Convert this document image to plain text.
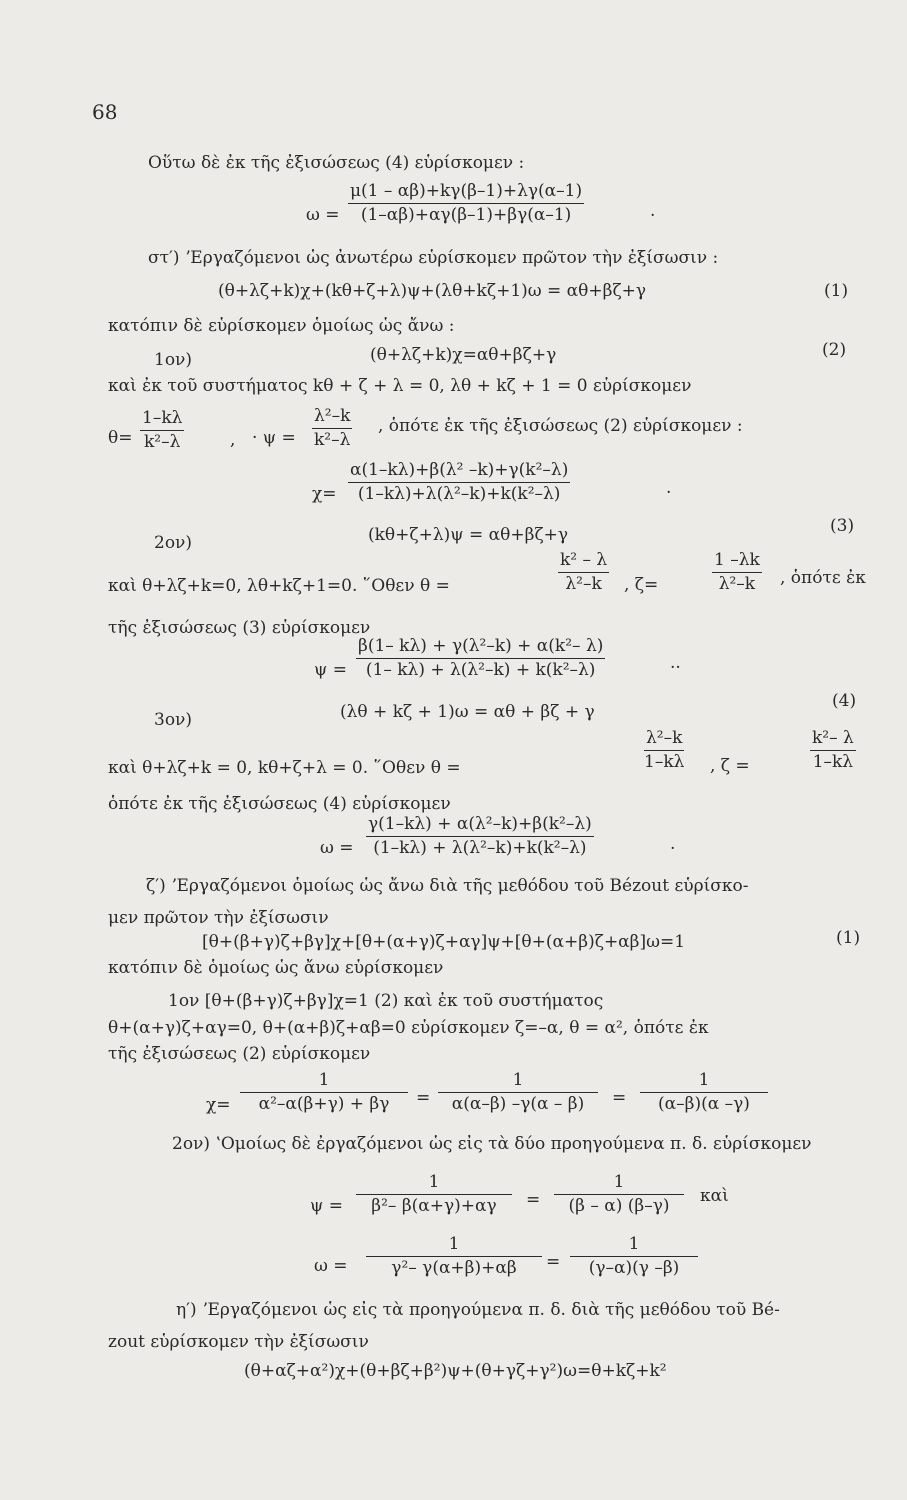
68
Οὕτω δὲ ἐκ τῆς ἐξισώσεως (4) εὑρίσκομεν :
$\omega = \frac{\mu(1 - \alpha\beta)+k\gamma(\beta-1)+\lambda\gamma(\alpha-1)}{(1-\alpha\beta)+\alpha\gamma(\beta-1)+\beta\gamma(\alpha-1)}$	.
στ′) ʼΕργαζόμενοι ὡς ἀνωτέρω εὑρίσκομεν πρῶτον τὴν ἐξίσωσιν :
(θ+λζ+k)χ+(kθ+ζ+λ)ψ+(λθ+kζ+1)ω = αθ+βζ+γ	(1)
κατόπιν δὲ εὑρίσκομεν ὁμοίως ὡς ἄνω :
1ον)	(θ+λζ+k)χ=αθ+βζ+γ	(2)
καὶ ἐκ τοῦ συστήματος kθ + ζ + λ = 0, λθ + kζ + 1 = 0 εὑρίσκομεν
$\theta= \frac{1-k\lambda}{\text{k²–λ}}$	, · $\psi = \frac{\text{λ²–k}}{\text{k²–λ}}$ , ὁπότε ἐκ τῆς ἐξισώσεως (2) εὑρίσκομεν :
$\chi= \frac{\text{α(1–kλ)+β(λ² –k)+γ(k²–λ)}}{\text{(1–kλ)+λ(λ²–k)+k(k²–λ)}}$	.
2ον)	(kθ+ζ+λ)ψ = αθ+βζ+γ	(3)
καὶ θ+λζ+k=0, λθ+kζ+1=0. ῞Οθεν θ =	$\frac{\text{k² – λ}}{\text{λ²–k}}$ , ζ=	$\frac{1 -\lambda k}{\text{λ²–k}}$ , ὁπότε ἐκ
τῆς ἐξισώσεως (3) εὑρίσκομεν
$\psi = \frac{\text{β(1– kλ) + γ(λ²–k) + α(k²– λ)}}{\text{(1– kλ) + λ(λ²–k) + k(k²–λ)}}$	..
3ον)	(λθ + kζ + 1)ω = αθ + βζ + γ
(4)
καὶ θ+λζ+k = 0, kθ+ζ+λ = 0. ῞Οθεν θ =	$\frac{\text{λ²–k}}{1-k\lambda}$ , ζ =	$\frac{\text{k²– λ}}{1-k\lambda}$
ὁπότε ἐκ τῆς ἐξισώσεως (4) εὑρίσκομεν
$\omega = \frac{\text{γ(1–kλ) + α(λ²–k)+β(k²–λ)}}{\text{(1–kλ) + λ(λ²–k)+k(k²–λ)}}$	.
ζ′) ʼΕργαζόμενοι ὁμοίως ὡς ἄνω διὰ τῆς μεθόδου τοῦ Bézout εὑρίσκο-
μεν πρῶτον τὴν ἐξίσωσιν
[θ+(β+γ)ζ+βγ]χ+[θ+(α+γ)ζ+αγ]ψ+[θ+(α+β)ζ+αβ]ω=1	(1)
κατόπιν δὲ ὁμοίως ὡς ἄνω εὑρίσκομεν
1ον [θ+(β+γ)ζ+βγ]χ=1 (2) καὶ ἐκ τοῦ συστήματος
θ+(α+γ)ζ+αγ=0, θ+(α+β)ζ+αβ=0 εὑρίσκομεν ζ=–α, θ = α², ὁπότε ἐκ
τῆς ἐξισώσεως (2) εὑρίσκομεν
$\chi= \frac{1}{\text{α²–α(β+γ) + βγ}} = \frac{1}{\alpha(\alpha-\beta) -\gamma(\alpha - \beta)} = \frac{1}{(\alpha-\beta)(\alpha -\gamma)}$
2ον) ʽΟμοίως δὲ ἐργαζόμενοι ὡς εἰς τὰ δύο προηγούμενα π. δ. εὑρίσκομεν
$\psi = \frac{1}{\text{β²– β(α+γ)+αγ}} = \frac{1}{(\beta - \alpha) (\beta-\gamma)}$ καὶ
$\omega = \frac{1}{\text{γ²– γ(α+β)+αβ}} = \frac{1}{(\gamma-\alpha)(\gamma -\beta)}$
η′) ʼΕργαζόμενοι ὡς εἰς τὰ προηγούμενα π. δ. διὰ τῆς μεθόδου τοῦ Βé-
zout εὑρίσκομεν τὴν ἐξίσωσιν
(θ+αζ+α²)χ+(θ+βζ+β²)ψ+(θ+γζ+γ²)ω=θ+kζ+k²
